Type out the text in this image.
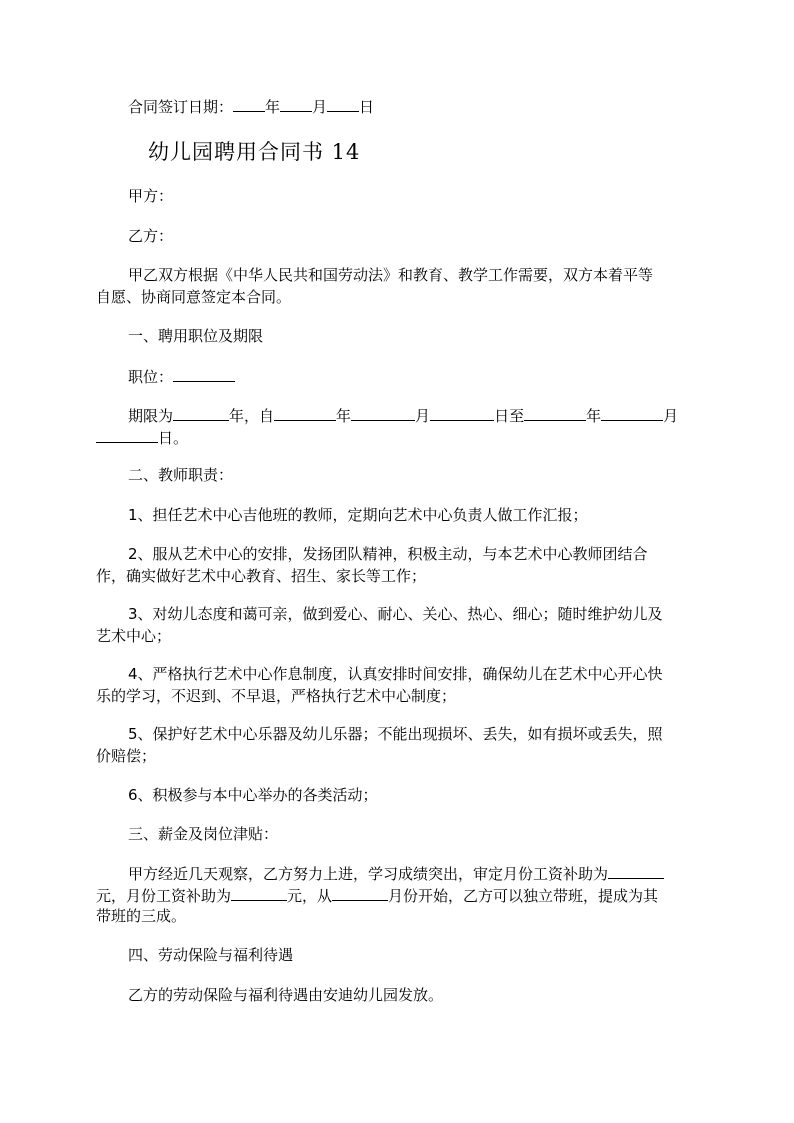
合同签订日期： 年 月 日
幼儿园聘用合同书 14
甲方：
乙方：
甲乙双方根据《中华人民共和国劳动法》和教育、教学工作需要，双方本着平等
自愿、协商同意签定本合同。
一、聘用职位及期限
职位：
期限为	年，自	年	月	日至	年	月
日。
二、教师职责：
1、担任艺术中心吉他班的教师，定期向艺术中心负责人做工作汇报；
2、服从艺术中心的安排，发扬团队精神，积极主动，与本艺术中心教师团结合
作，确实做好艺术中心教育、招生、家长等工作；
3、对幼儿态度和蔼可亲，做到爱心、耐心、关心、热心、细心；随时维护幼儿及
艺术中心；
4、严格执行艺术中心作息制度，认真安排时间安排，确保幼儿在艺术中心开心快
乐的学习，不迟到、不早退，严格执行艺术中心制度；
5、保护好艺术中心乐器及幼儿乐器；不能出现损坏、丢失，如有损坏或丢失，照
价赔偿；
6、积极参与本中心举办的各类活动；
三、薪金及岗位津贴：
甲方经近几天观察，乙方努力上进，学习成绩突出，审定月份工资补助为
元，月份工资补助为	元，从	月份开始，乙方可以独立带班，提成为其
带班的三成。
四、劳动保险与福利待遇
乙方的劳动保险与福利待遇由安迪幼儿园发放。
